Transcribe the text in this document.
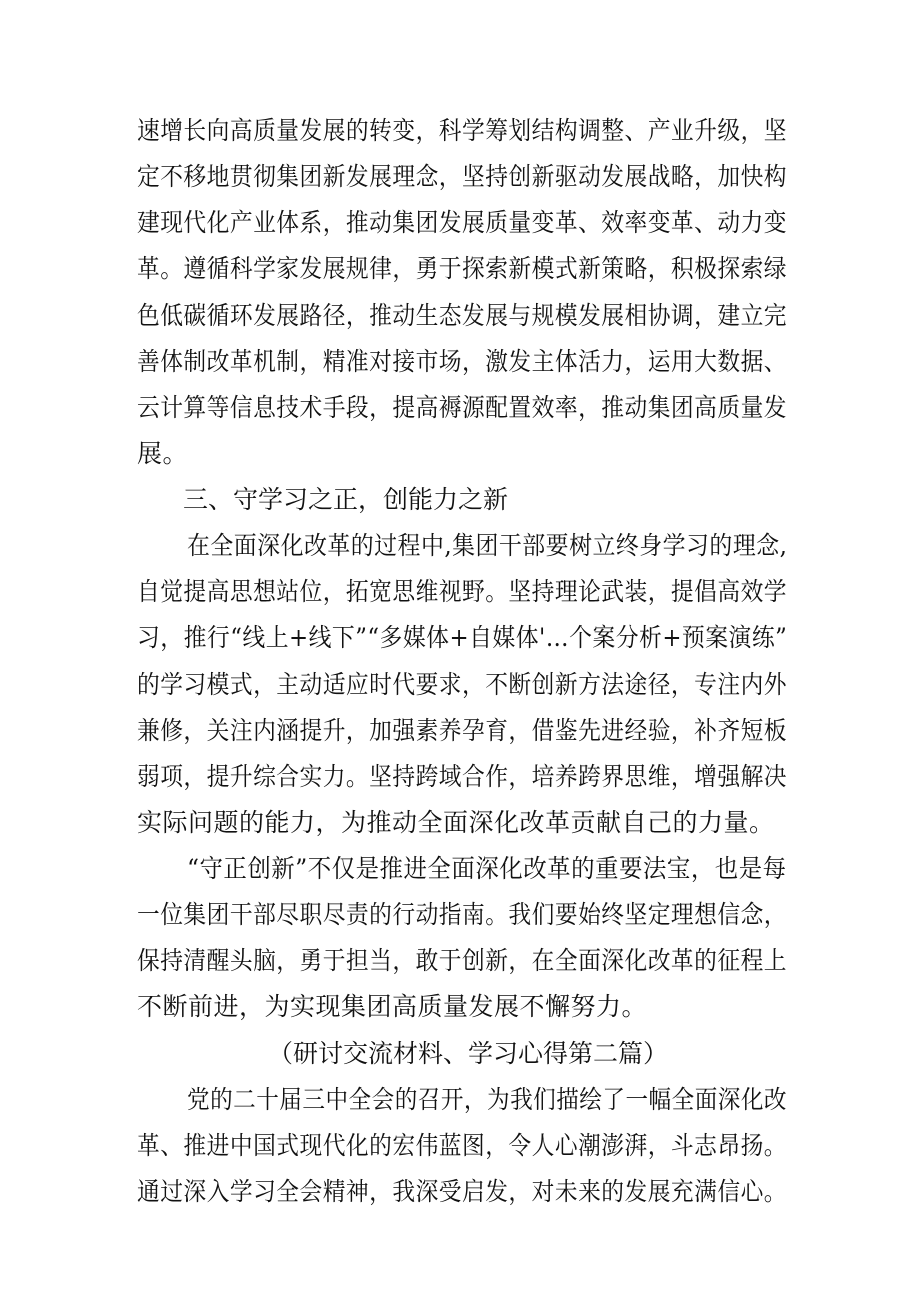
速增长向高质量发展的转变，科学筹划结构调整、产业升级，坚
定不移地贯彻集团新发展理念，坚持创新驱动发展战略，加快构
建现代化产业体系，推动集团发展质量变革、效率变革、动力变
革。遵循科学家发展规律，勇于探索新模式新策略，积极探索绿
色低碳循环发展路径，推动生态发展与规模发展相协调，建立完
善体制改革机制，精准对接市场，激发主体活力，运用大数据、
云计算等信息技术手段，提高褥源配置效率，推动集团高质量发
展。
三、守学习之正，创能力之新
在全面深化改革的过程中,集团干部要树立终身学习的理念,
自觉提高思想站位，拓宽思维视野。坚持理论武装，提倡高效学
习，推行“线上+线下”“多媒体+自媒体'…个案分析+预案演练”
的学习模式，主动适应时代要求，不断创新方法途径，专注内外
兼修，关注内涵提升，加强素养孕育，借鉴先进经验，补齐短板
弱项，提升综合实力。坚持跨域合作，培养跨界思维，增强解决
实际问题的能力，为推动全面深化改革贡献自己的力量。
“守正创新”不仅是推进全面深化改革的重要法宝，也是每
一位集团干部尽职尽责的行动指南。我们要始终坚定理想信念，
保持清醒头脑，勇于担当，敢于创新，在全面深化改革的征程上
不断前进，为实现集团高质量发展不懈努力。
（研讨交流材料、学习心得第二篇）
党的二十届三中全会的召开，为我们描绘了一幅全面深化改
革、推进中国式现代化的宏伟蓝图，令人心潮澎湃，斗志昂扬。
通过深入学习全会精神，我深受启发，对未来的发展充满信心。
